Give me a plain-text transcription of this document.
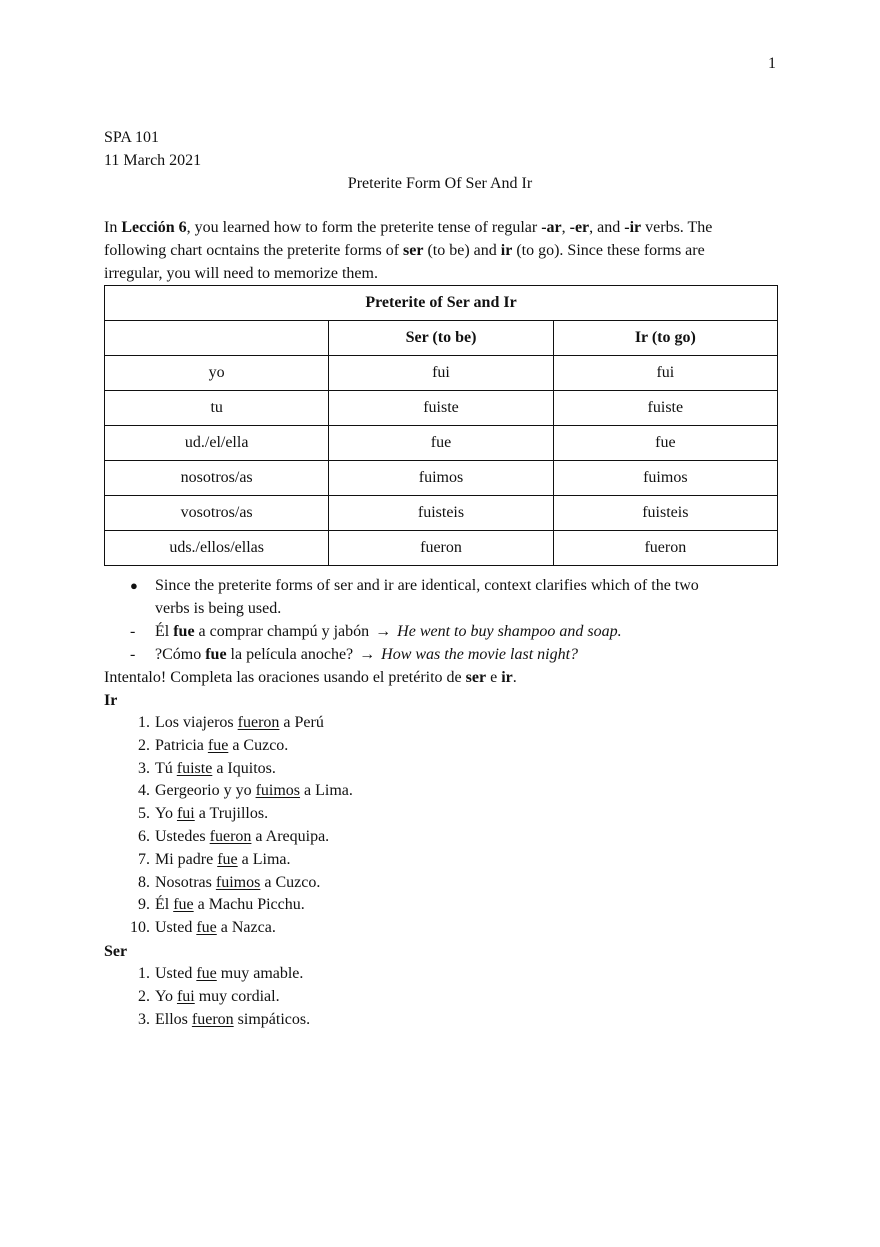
1
SPA 101
11 March 2021
Preterite Form Of Ser And Ir

In Lección 6, you learned how to form the preterite tense of regular -ar, -er, and -ir verbs. The
following chart ocntains the preterite forms of ser (to be) and ir (to go). Since these forms are
irregular, you will need to memorize them.

Preterite of Ser and Ir		
	Ser (to be)	Ir (to go)
yo	fui	fui
tu	fuiste	fuiste
ud./el/ella	fue	fue
nosotros/as	fuimos	fuimos
vosotros/as	fuisteis	fuisteis
uds./ellos/ellas	fueron	fueron
● Since the preterite forms of ser and ir are identical, context clarifies which of the two
verbs is being used.
- Él fue a comprar champú y jabón → He went to buy shampoo and soap.
- ?Cómo fue la película anoche? → How was the movie last night?
Intentalo! Completa las oraciones usando el pretérito de ser e ir.
Ir
1. Los viajeros fueron a Perú
2. Patricia fue a Cuzco.
3. Tú fuiste a Iquitos.
4. Gergeorio y yo fuimos a Lima.
5. Yo fui a Trujillos.
6. Ustedes fueron a Arequipa.
7. Mi padre fue a Lima.
8. Nosotras fuimos a Cuzco.
9. Él fue a Machu Picchu.
10. Usted fue a Nazca.
Ser
1. Usted fue muy amable.
2. Yo fui muy cordial.
3. Ellos fueron simpáticos.
